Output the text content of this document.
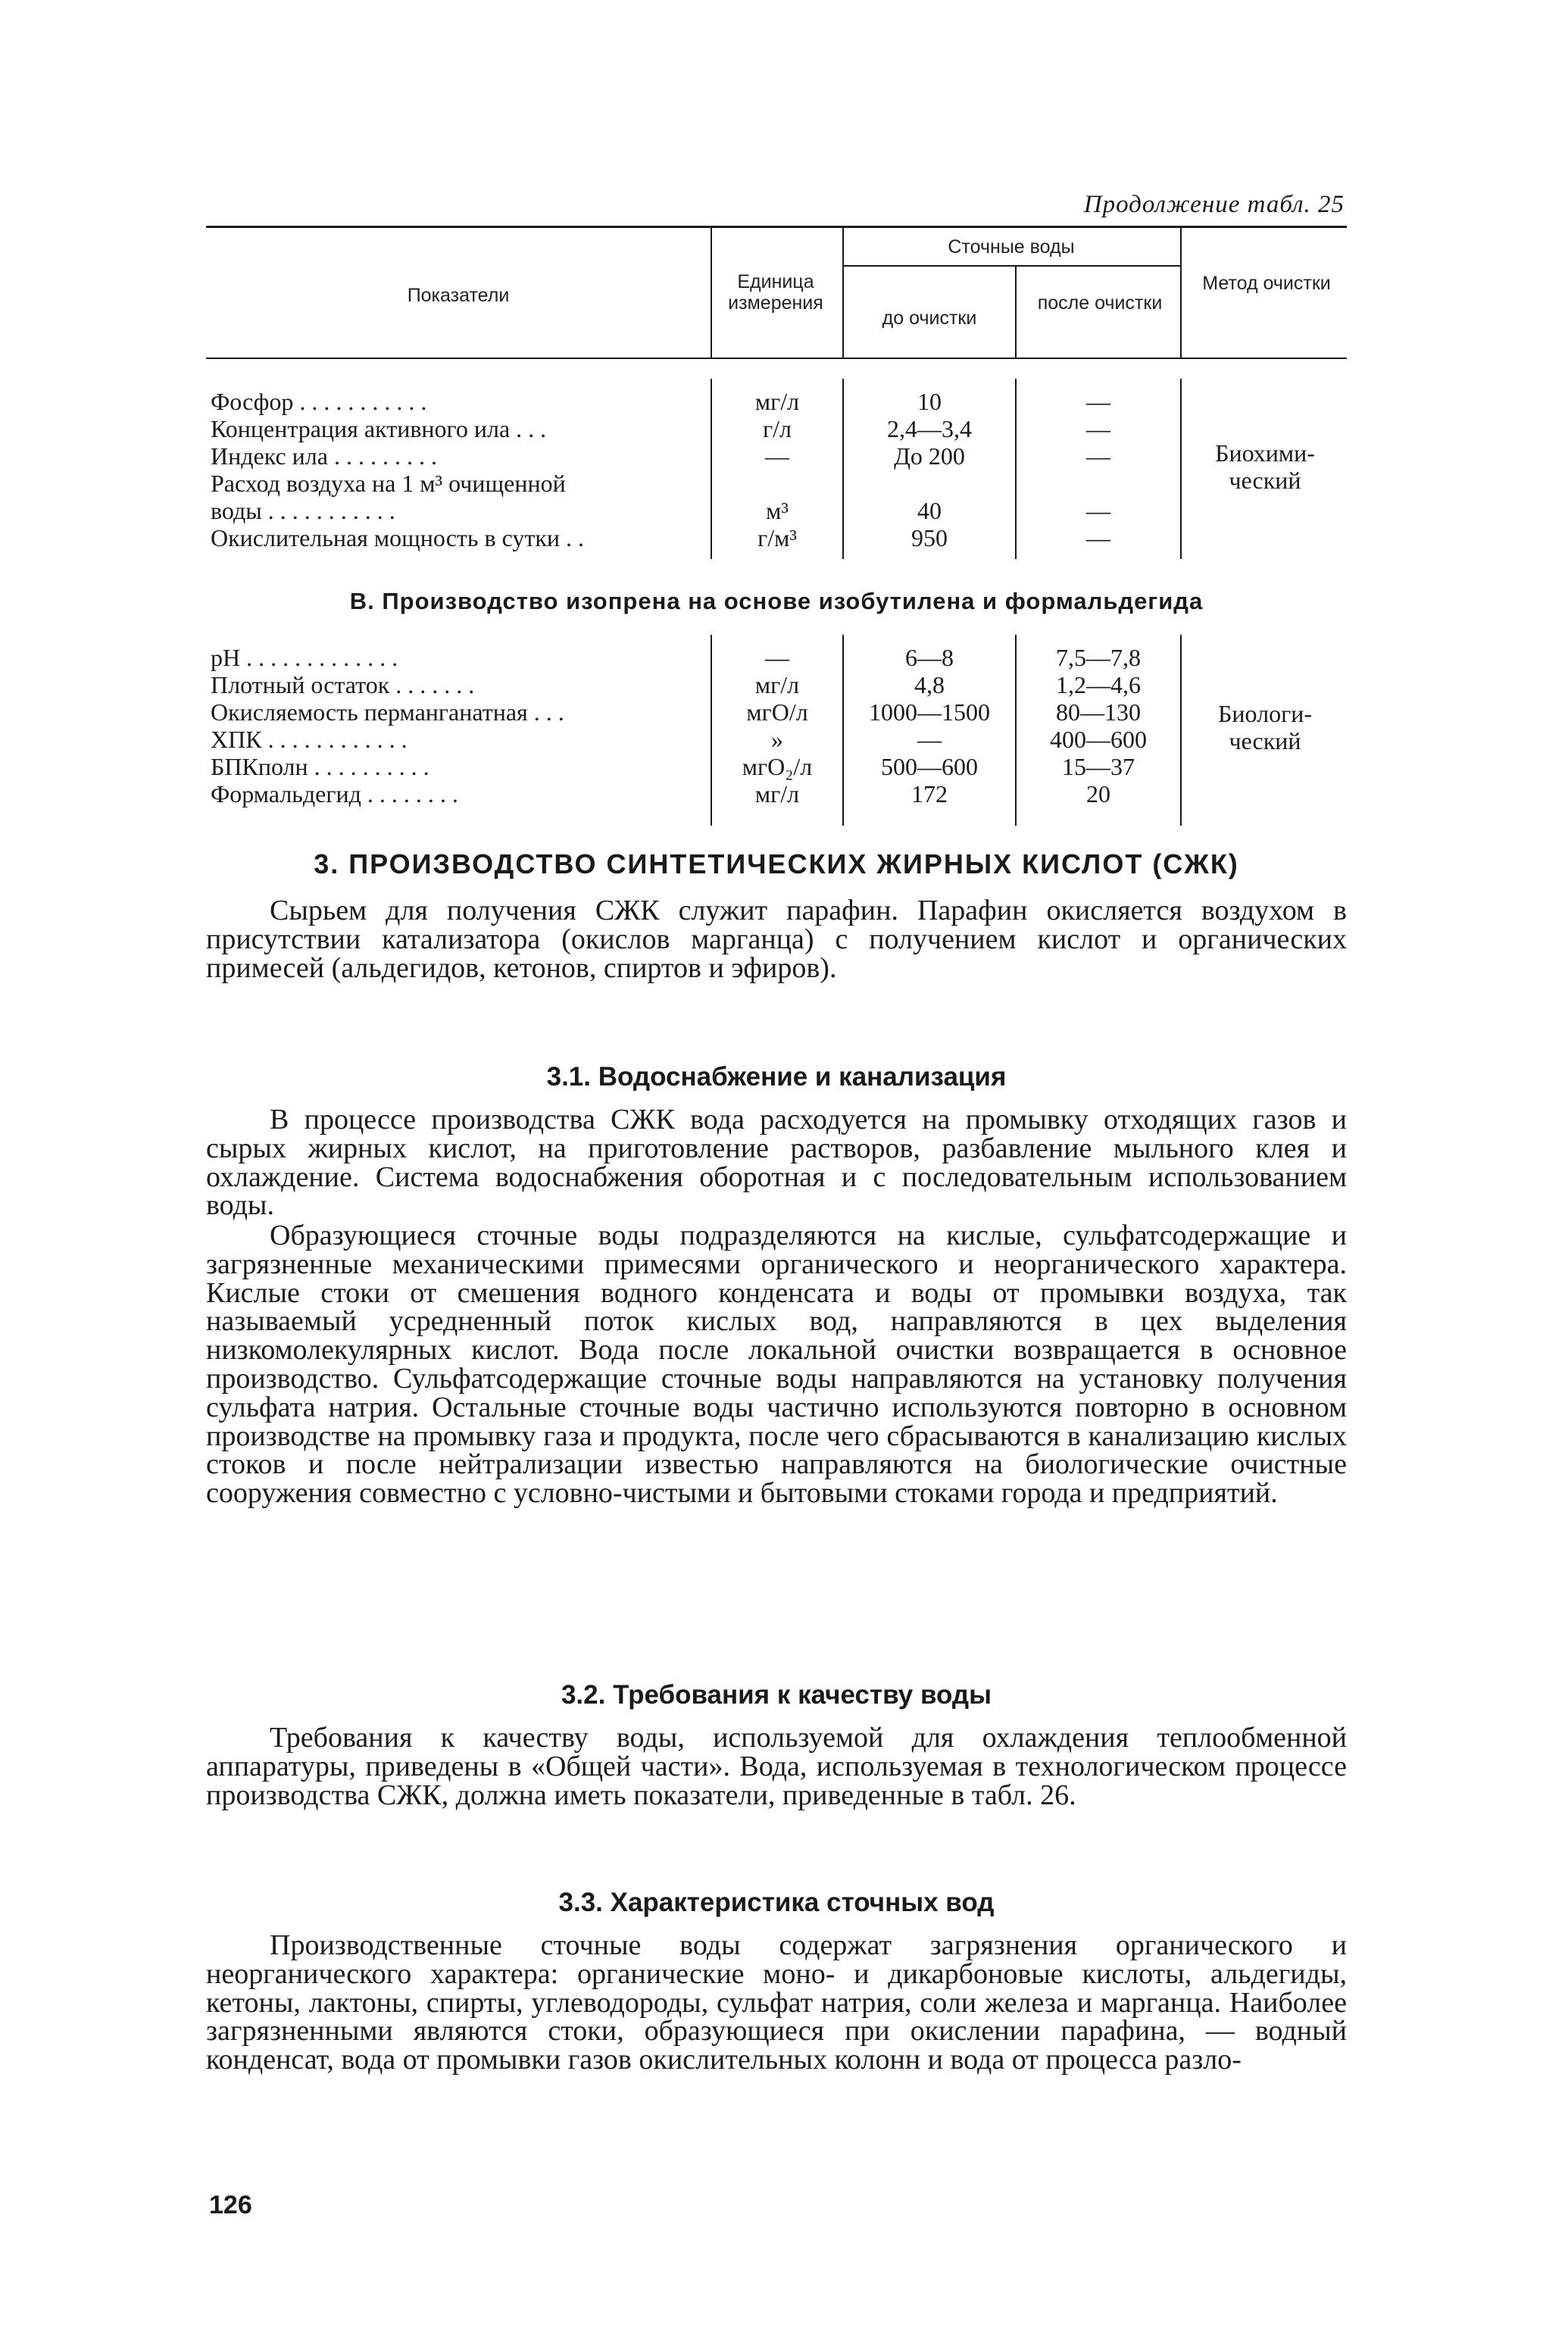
Продолжение табл. 25
Показатели
Единица измерения
Сточные воды
до очистки
после очистки
Метод очистки
Фосфор . . . . . . . . . . .
Концентрация активного ила . . .
Индекс ила . . . . . . . . .
Расход воздуха на 1 м³ очищенной
воды . . . . . . . . . . .
Окислительная мощность в сутки . .
мг/л
г/л
—
м³
г/м³
10
2,4—3,4
До 200
40
950
—
—
—
—
—
Биохими-
ческий
рН . . . . . . . . . . . . .
Плотный остаток . . . . . . .
Окисляемость перманганатная . . .
ХПК . . . . . . . . . . . .
БПКполн . . . . . . . . . .
Формальдегид . . . . . . . .
—
мг/л
мгО/л
»
мгО₂/л
мг/л
6—8
4,8
1000—1500
—
500—600
172
7,5—7,8
1,2—4,6
80—130
400—600
15—37
20
Биологи-
ческий
В. Производство изопрена на основе изобутилена и формальдегида
3. ПРОИЗВОДСТВО СИНТЕТИЧЕСКИХ ЖИРНЫХ КИСЛОТ (СЖК)
Сырьем для получения СЖК служит парафин. Парафин окисляется воздухом в присутствии катализатора (окислов марганца) с получением кислот и органических примесей (альдегидов, кетонов, спиртов и эфиров).
3.1. Водоснабжение и канализация
В процессе производства СЖК вода расходуется на промывку отходящих газов и сырых жирных кислот, на приготовление растворов, разбавление мыльного клея и охлаждение. Система водоснабжения оборотная и с последовательным использованием воды.
Образующиеся сточные воды подразделяются на кислые, сульфатсодержащие и загрязненные механическими примесями органического и неорганического характера. Кислые стоки от смешения водного конденсата и воды от промывки воздуха, так называемый усредненный поток кислых вод, направляются в цех выделения низкомолекулярных кислот. Вода после локальной очистки возвращается в основное производство. Сульфатсодержащие сточные воды направляются на установку получения сульфата натрия. Остальные сточные воды частично используются повторно в основном производстве на промывку газа и продукта, после чего сбрасываются в канализацию кислых стоков и после нейтрализации известью направляются на биологические очистные сооружения совместно с условно-чистыми и бытовыми стоками города и предприятий.
3.2. Требования к качеству воды
Требования к качеству воды, используемой для охлаждения теплообменной аппаратуры, приведены в «Общей части». Вода, используемая в технологическом процессе производства СЖК, должна иметь показатели, приведенные в табл. 26.
3.3. Характеристика сточных вод
Производственные сточные воды содержат загрязнения органического и неорганического характера: органические моно- и дикарбоновые кислоты, альдегиды, кетоны, лактоны, спирты, углеводороды, сульфат натрия, соли железа и марганца. Наиболее загрязненными являются стоки, образующиеся при окислении парафина, — водный конденсат, вода от промывки газов окислительных колонн и вода от процесса разло-
126
